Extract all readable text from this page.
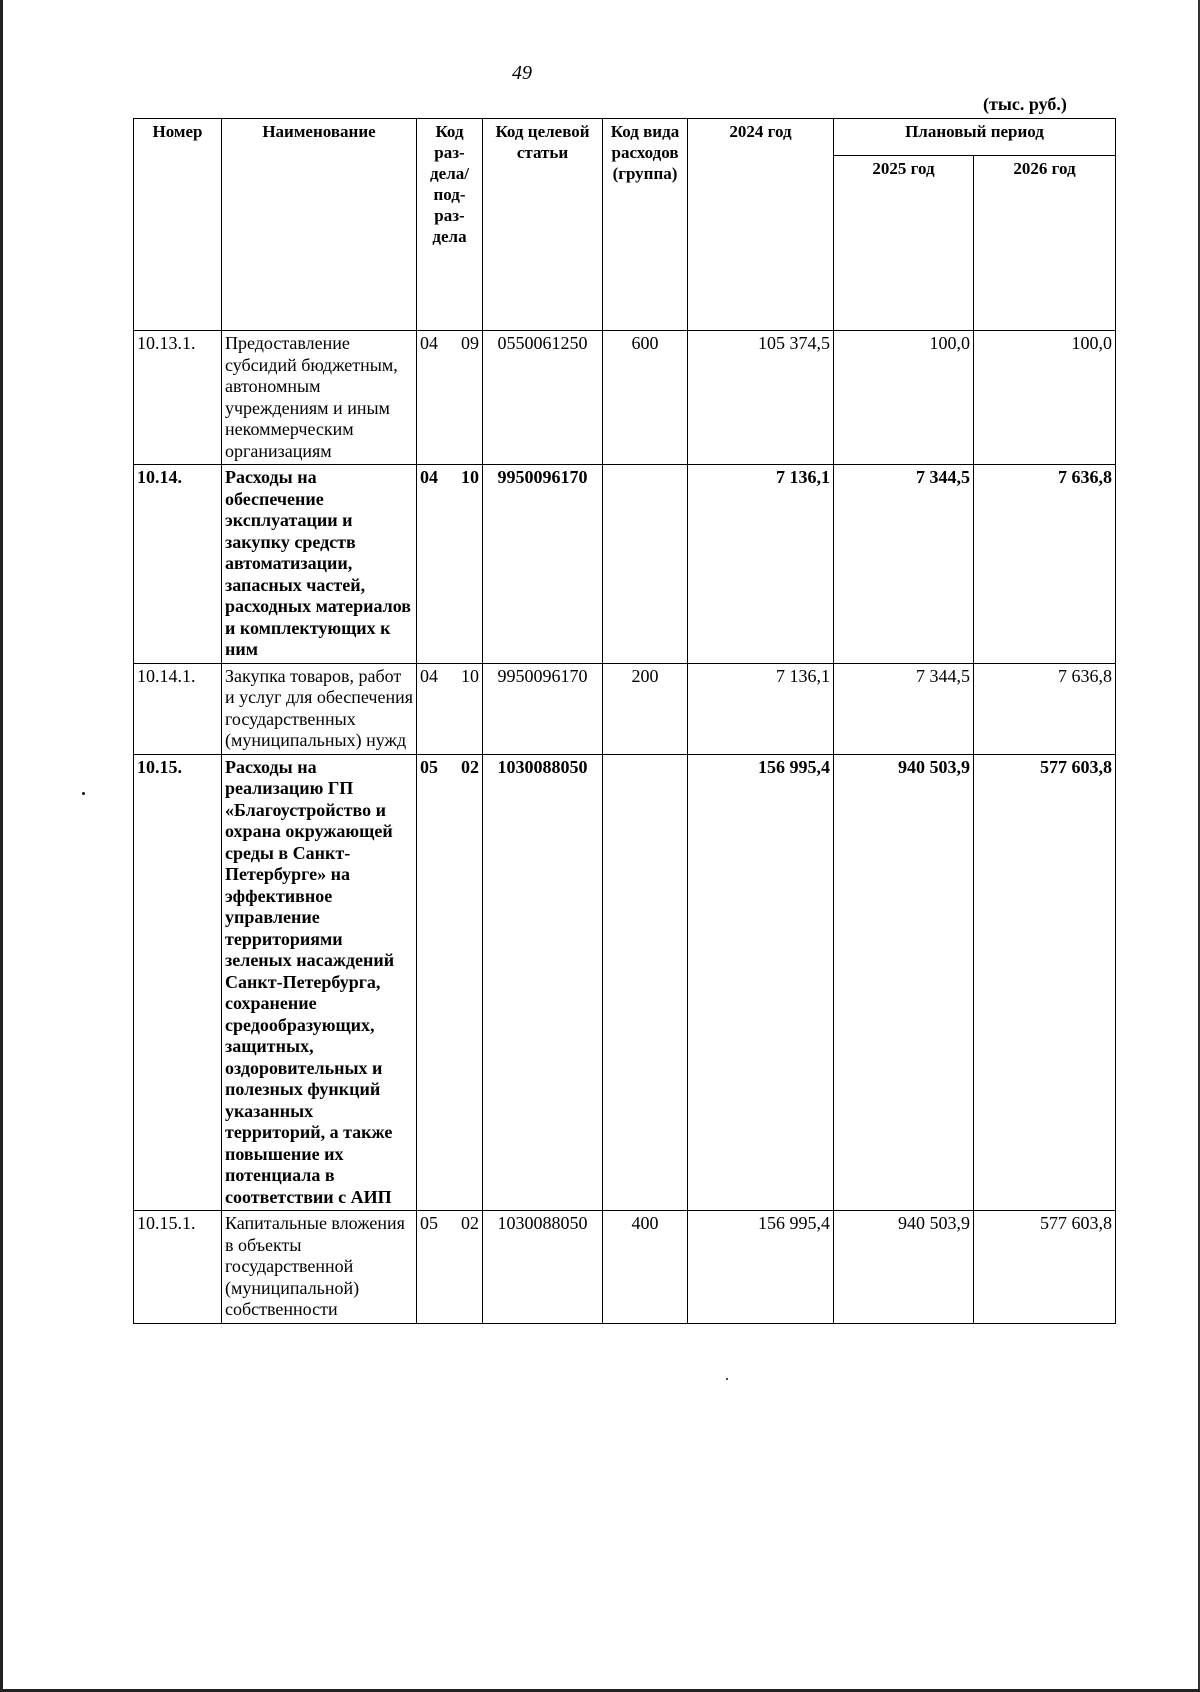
49
(тыс. руб.)
Номер	Наименование	Код раз-дела/ под-раз-дела	Код целевой статьи	Код вида расходов (группа)	2024 год	Плановый период	
						2025 год	2026 год
10.13.1.	Предоставление субсидий бюджетным, автономным учреждениям и иным некоммерческим организациям	04 09	0550061250	600	105 374,5	100,0	100,0
10.14.	Расходы на обеспечение эксплуатации и закупку средств автоматизации, запасных частей, расходных материалов и комплектующих к ним	04 10	9950096170		7 136,1	7 344,5	7 636,8
10.14.1.	Закупка товаров, работ и услуг для обеспечения государственных (муниципальных) нужд	04 10	9950096170	200	7 136,1	7 344,5	7 636,8
10.15.	Расходы на реализацию ГП «Благоустройство и охрана окружающей среды в Санкт-Петербурге» на эффективное управление территориями зеленых насаждений Санкт-Петербурга, сохранение средообразующих, защитных, оздоровительных и полезных функций указанных территорий, а также повышение их потенциала в соответствии с АИП	05 02	1030088050		156 995,4	940 503,9	577 603,8
10.15.1.	Капитальные вложения в объекты государственной (муниципальной) собственности	05 02	1030088050	400	156 995,4	940 503,9	577 603,8
